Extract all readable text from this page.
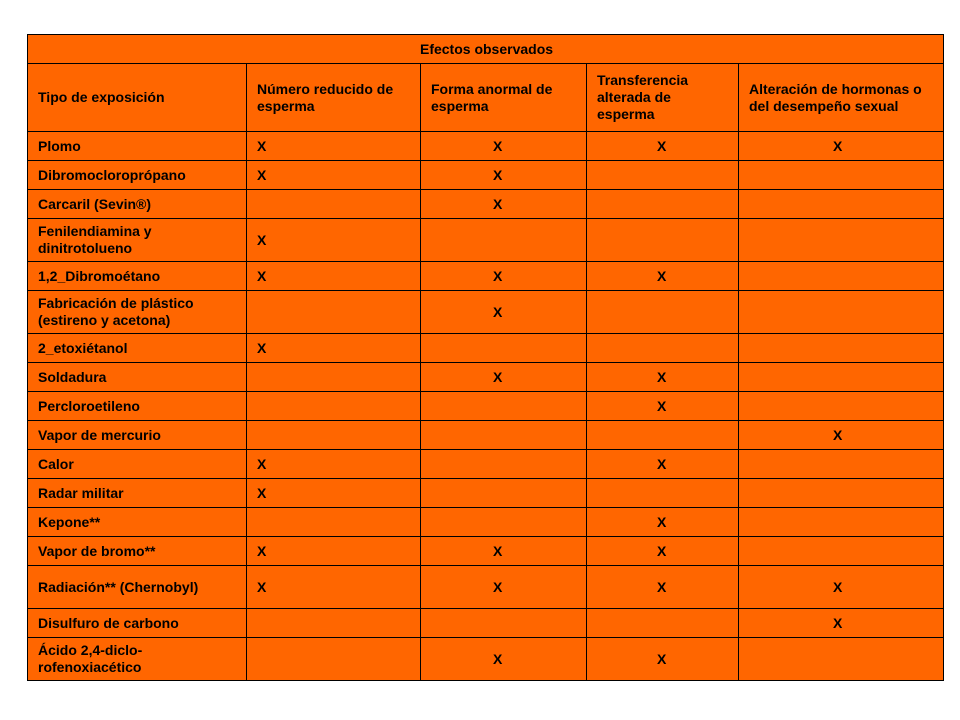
Efectos observados				
Tipo de exposición	Número reducido de esperma	Forma anormal de esperma	Transferencia alterada de esperma	Alteración de hormonas o del desempeño sexual
Plomo	X	X	X	X
Dibromocloroprópano	X	X		
Carcaril (Sevin®)		X		
Fenilendiamina y dinitrotolueno	X			
1,2_Dibromoétano	X	X	X	
Fabricación de plástico (estireno y acetona)		X		
2_etoxiétanol	X			
Soldadura		X	X	
Percloroetileno			X	
Vapor de mercurio				X
Calor	X		X	
Radar militar	X			
Kepone**			X	
Vapor de bromo**	X	X	X	
Radiación** (Chernobyl)	X	X	X	X
Disulfuro de carbono				X
Ácido 2,4-diclo-rofenoxiacético		X	X	
